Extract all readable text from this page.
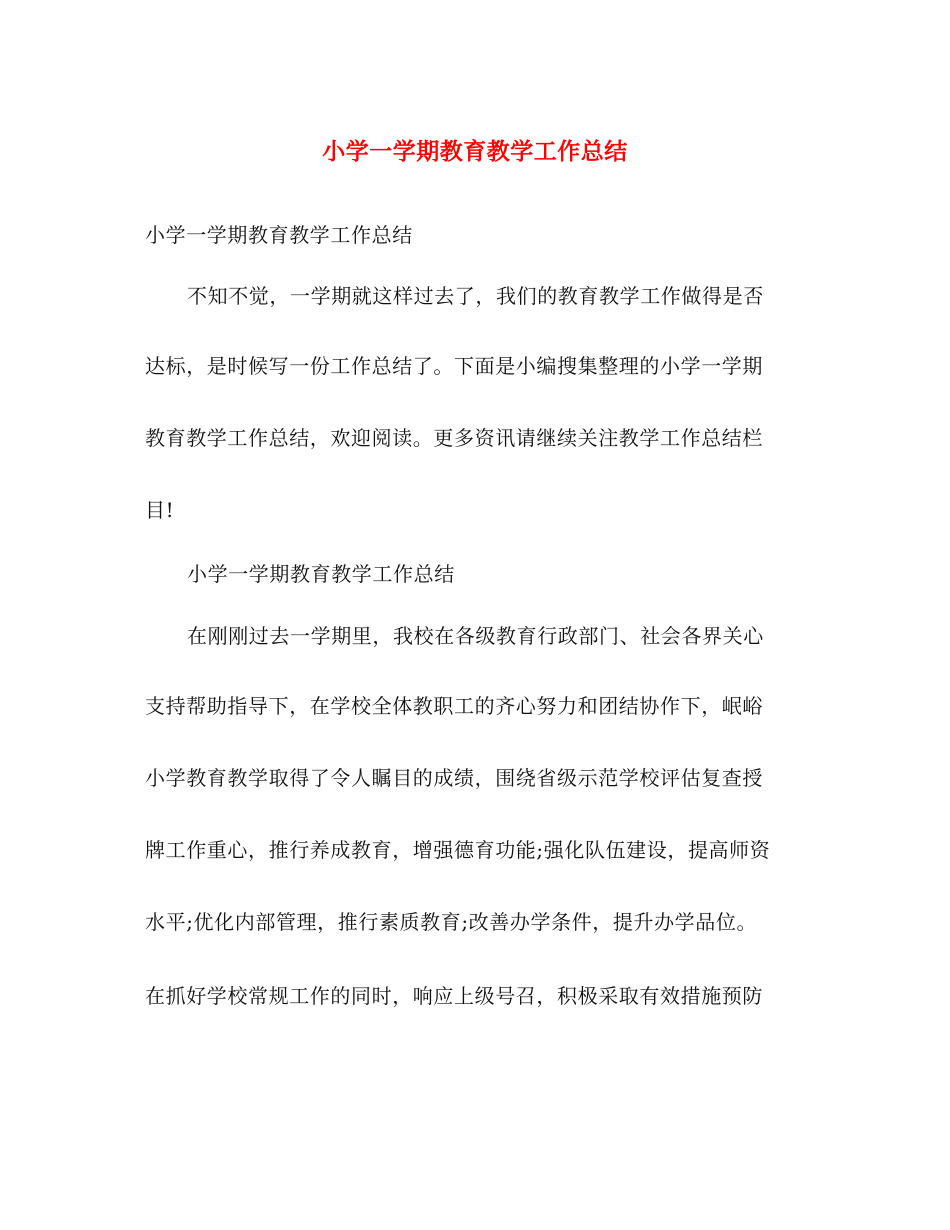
小学一学期教育教学工作总结
小学一学期教育教学工作总结
不知不觉，一学期就这样过去了，我们的教育教学工作做得是否
达标，是时候写一份工作总结了。下面是小编搜集整理的小学一学期
教育教学工作总结，欢迎阅读。更多资讯请继续关注教学工作总结栏
目!
小学一学期教育教学工作总结
在刚刚过去一学期里，我校在各级教育行政部门、社会各界关心
支持帮助指导下，在学校全体教职工的齐心努力和团结协作下，岷峪
小学教育教学取得了令人瞩目的成绩，围绕省级示范学校评估复查授
牌工作重心，推行养成教育，增强德育功能;强化队伍建设，提高师资
水平;优化内部管理，推行素质教育;改善办学条件，提升办学品位。
在抓好学校常规工作的同时，响应上级号召，积极采取有效措施预防
